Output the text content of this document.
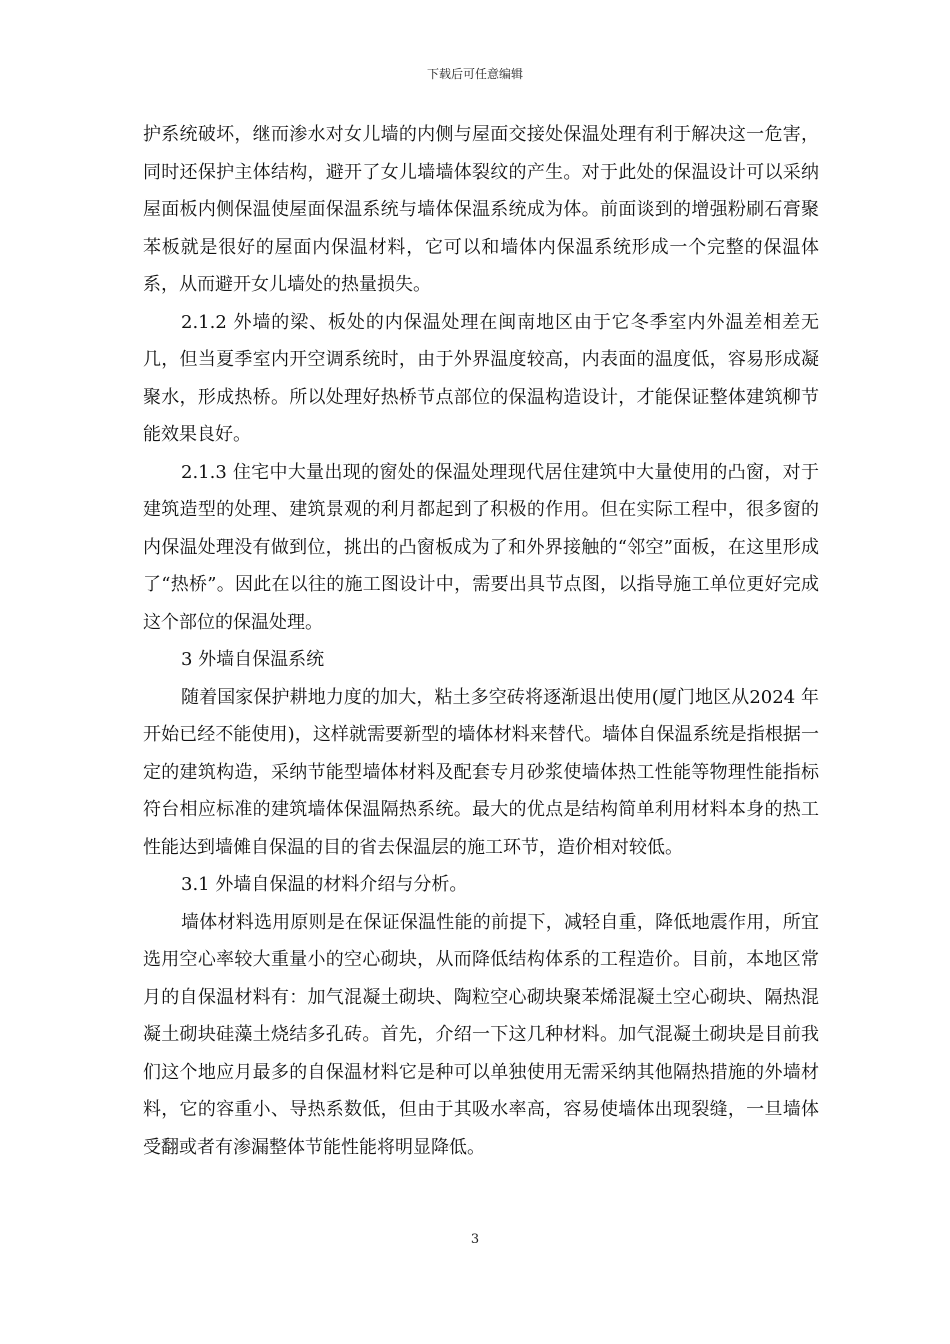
下载后可任意编辑

护系统破坏，继而渗水对女儿墙的内侧与屋面交接处保温处理有利于解决这一危害，同时还保护主体结构，避开了女儿墙墙体裂纹的产生。对于此处的保温设计可以采纳屋面板内侧保温使屋面保温系统与墙体保温系统成为体。前面谈到的增强粉刷石膏聚苯板就是很好的屋面内保温材料，它可以和墙体内保温系统形成一个完整的保温体系，从而避开女儿墙处的热量损失。

2.1.2 外墙的梁、板处的内保温处理在闽南地区由于它冬季室内外温差相差无几，但当夏季室内开空调系统时，由于外界温度较高，内表面的温度低，容易形成凝聚水，形成热桥。所以处理好热桥节点部位的保温构造设计，才能保证整体建筑柳节能效果良好。

2.1.3 住宅中大量出现的窗处的保温处理现代居住建筑中大量使用的凸窗，对于建筑造型的处理、建筑景观的利月都起到了积极的作用。但在实际工程中，很多窗的内保温处理没有做到位，挑出的凸窗板成为了和外界接触的“邻空”面板，在这里形成了“热桥”。因此在以往的施工图设计中，需要出具节点图，以指导施工单位更好完成这个部位的保温处理。

3 外墙自保温系统

随着国家保护耕地力度的加大，粘土多空砖将逐渐退出使用(厦门地区从2024 年开始已经不能使用)，这样就需要新型的墙体材料来替代。墙体自保温系统是指根据一定的建筑构造，采纳节能型墙体材料及配套专月砂浆使墙体热工性能等物理性能指标符台相应标准的建筑墙体保温隔热系统。最大的优点是结构简单利用材料本身的热工性能达到墙傩自保温的目的省去保温层的施工环节，造价相对较低。

3.1 外墙自保温的材料介绍与分析。

墙体材料选用原则是在保证保温性能的前提下，减轻自重，降低地震作用，所宜选用空心率较大重量小的空心砌块，从而降低结构体系的工程造价。目前，本地区常月的自保温材料有：加气混凝土砌块、陶粒空心砌块聚苯烯混凝土空心砌块、隔热混凝土砌块硅藻土烧结多孔砖。首先，介绍一下这几种材料。加气混凝土砌块是目前我们这个地应月最多的自保温材料它是种可以单独使用无需采纳其他隔热措施的外墙材料，它的容重小、导热系数低，但由于其吸水率高，容易使墙体出现裂缝，一旦墙体受翻或者有渗漏整体节能性能将明显降低。

3
